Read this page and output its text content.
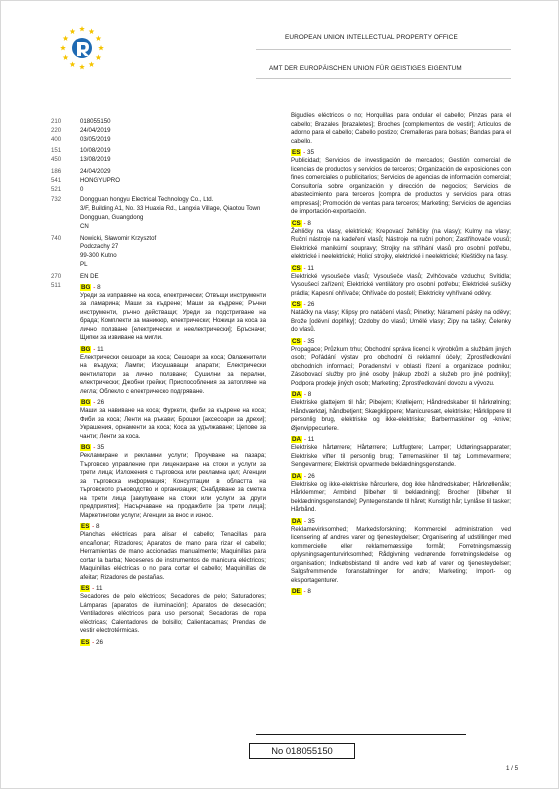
EUROPEAN UNION INTELLECTUAL PROPERTY OFFICE
AMT DER EUROPÄISCHEN UNION FÜR GEISTIGES EIGENTUM
210	018055150
220	24/04/2019
400	03/05/2019
151	10/08/2019
450	13/08/2019
186	24/04/2029
541	HONGYUPRO
521	0
732	Dongguan hongyu Electrical Technology Co., Ltd.
3/F, Building A1, No. 33 Huaxia Rd., Langxia Village, Qiaotou Town
Dongguan, Guangdong
CN
740	Nowicki, Sławomir Krzysztof
Podczachy 27
99-300 Kutno
PL
270	EN DE
511	BG - 8
Уреди за изправяне на коса, електрически; Отвъщи инструменти за ламарина; Маши за къдрене; Маши за къдрене; Ръчни инструменти, ръчно действащи; Уреди за подстригване на брада; Комплекти за маникюр, електрически; Ножици за коса за лично ползване [електрически и неелектрически]; Бръсначи; Щипки за извиване на мигли.
BG - 11
Електрически сешоари за коса; Сешоари за коса; Овлажнители на въздуха; Лампи; Изсушаващи апарати; Електрически вентилатори за лично ползване; Сушилни за перални, електрически; Джобни грейки; Приспособления за затопляне на легла; Облекло с електрическо подгряване.
BG - 26
Маши за навиване на коса; Фуркети, фиби за къдрене на коса; Фиби за коса; Ленти на ръкави; Брошки [аксесоари за дрехи]; Украшения, орнаменти за коса; Коса за удължаване; Цепове за чанти; Ленти за коса.
BG - 35
Рекламиране и рекламни услуги; Проучване на пазара; Търговско управление при лицензиране на стоки и услуги за трети лица; Изложения с търговска или рекламна цел; Агенции за търговска информация; Консултации в областта на търговското ръководство и организация; Снабдяване за сметка на трети лица [закупуване на стоки или услуги за други предприятия]; Насърчаване на продажбите [за трети лица]; Маркетингови услуги; Агенции за внос и износ.
ES - 8
Planchas eléctricas para alisar el cabello; Tenacillas para encañonar; Rizadores; Aparatos de mano para rizar el cabello; Herramientas de mano accionadas manualmente; Maquinillas para cortar la barba; Neceseres de instrumentos de manicura eléctricos; Maquinillas eléctricas o no para cortar el cabello; Maquinillas de afeitar; Rizadores de pestañas.
ES - 11
Secadores de pelo eléctricos; Secadores de pelo; Saturadores; Lámparas [aparatos de iluminación]; Aparatos de desecación; Ventiladores eléctricos para uso personal; Secadoras de ropa eléctricas; Calentadores de bolsillo; Calientacamas; Prendas de vestir electrotérmicas.
ES - 26
Bigudíes eléctricos o no; Horquillas para ondular el cabello; Pinzas para el cabello; Brazales [brazaletes]; Broches [complementos de vestir]; Artículos de adorno para el cabello; Cabello postizo; Cremalleras para bolsas; Bandas para el cabello.
ES - 35
Publicidad; Servicios de investigación de mercados; Gestión comercial de licencias de productos y servicios de terceros; Organización de exposiciones con fines comerciales o publicitarios; Servicios de agencias de información comercial; Consultoría sobre organización y dirección de negocios; Servicios de abastecimiento para terceros [compra de productos y servicios para otras empresas]; Promoción de ventas para terceros; Marketing; Servicios de agencias de importación-exportación.
CS - 8
Žehličky na vlasy, elektrické; Krepovací žehličky (na vlasy); Kulmy na vlasy; Ruční nástroje na kadeření vlasů; Nástroje na ruční pohon; Zastřihovače vousů; Elektrické manikúrní soupravy; Strojky na stříhání vlasů pro osobní potřebu, elektrické i neelektrické; Holicí strojky, elektrické i neelektrické; Kleštičky na fasy.
CS - 11
Elektrické vysoušeče vlasů; Vysoušeče vlasů; Zvlhčovače vzduchu; Svítidla; Vysoušecí zařízení; Elektrické ventilátory pro osobní potřebu; Elektrické sušičky prádla; Kapesní ohřívače; Ohřívače do postelí; Elektricky vyhřívané oděvy.
CS - 26
Natáčky na vlasy; Klipsy pro natáčení vlasů; Pinetky; Náramení pásky na oděvy; Brože [oděvní doplňky]; Ozdoby do vlasů; Umělé vlasy; Zipy na tašky; Čelenky do vlasů.
CS - 35
Propagace; Průzkum trhu; Obchodní správa licencí k výrobkům a službám jiných osob; Pořádání výstav pro obchodní či reklamní účely; Zprostředkování obchodních informací; Poradenství v oblasti řízení a organizace podniku; Zásobovací služby pro jiné osoby [nákup zboží a služeb pro jiné podniky]; Podpora prodeje jiných osob; Marketing; Zprostředkování dovozu a vývozu.
DA - 8
Elektriske glattejern til hår; Pibejern; Krøllejern; Håndredskaber til hårkrølning; Håndværktøj, håndbetjent; Skægklippere; Manicuresæt, elektriske; Hårklippere til personlig brug, elektriske og ikke-elektriske; Barbermaskiner og -knive; Øjenvippecurlere.
DA - 11
Elektriske hårtørrere; Hårtørrere; Luftfugtere; Lamper; Udtøringsapparater; Elektriske vifter til personlig brug; Tørremaskiner til tøj; Lommevarmere; Sengevarmere; Elektrisk opvarmede beklædningsgenstande.
DA - 26
Elektriske og ikke-elektriske hårcurlere, dog ikke håndredskaber; Hårkrøllenåle; Hårklemmer; Armbind [tilbehør til beklædning]; Brocher [tilbehør til beklædningsgenstande]; Pyntegenstande til håret; Kunstigt hår; Lynlåse til tasker; Hårbånd.
DA - 35
Reklamevirksomhed; Markedsforskning; Kommerciel administration ved licensering af andres varer og tjenesteydelser; Organisering af udstillinger med kommercielle eller reklamemæssige formål; Forretningsmæssig oplysningsagenturvirksomhed; Rådgivning vedrørende forretningsledelse og organisation; Indkøbsbistand til andre ved køb af varer og tjenesteydelser; Salgsfremmende foranstaltninger for andre; Marketing; Import- og eksportagenturer.
DE - 8
No 018055150
1 / 5
